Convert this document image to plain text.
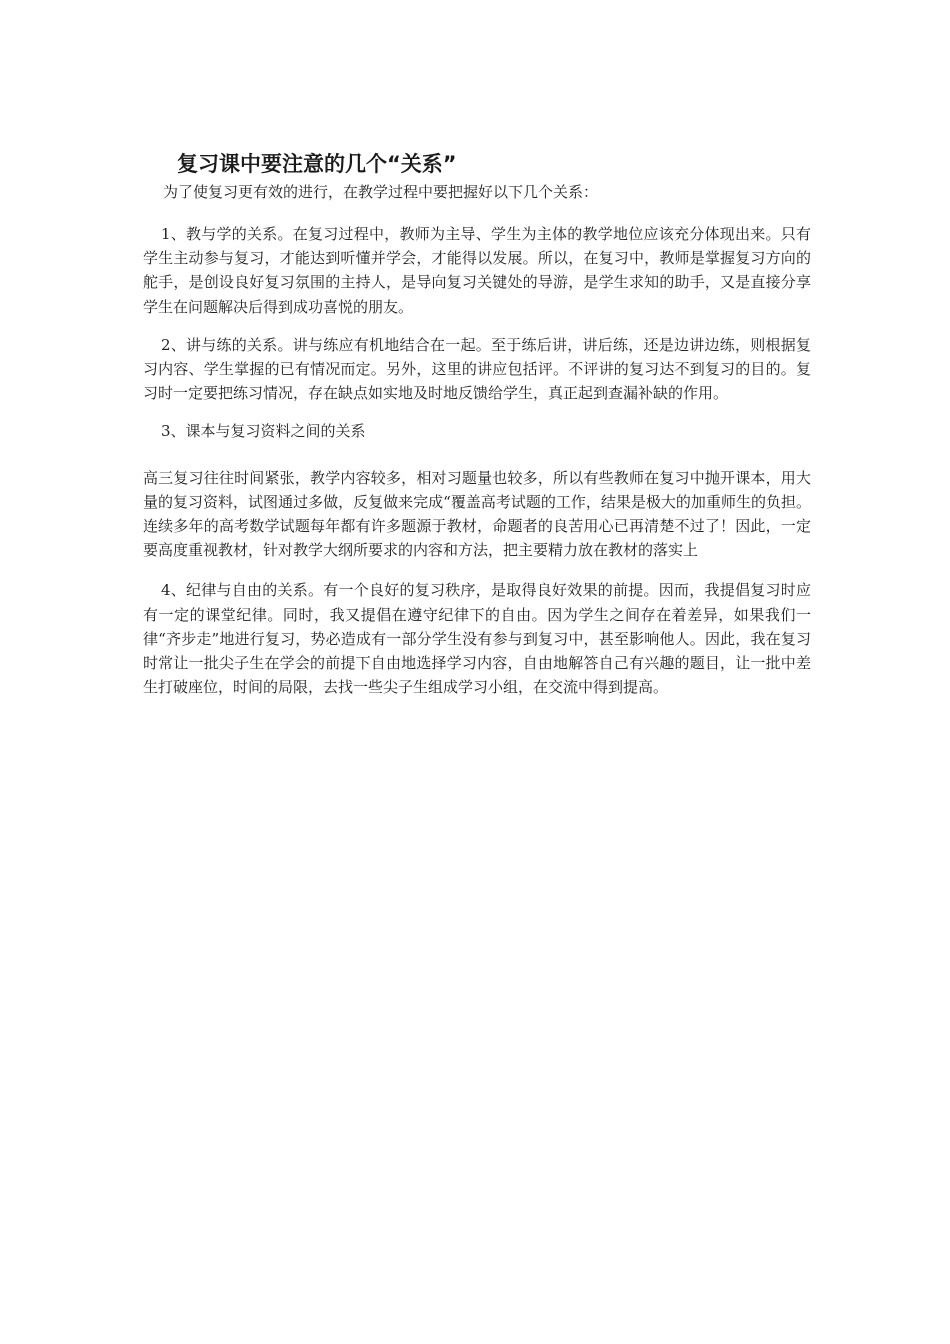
复习课中要注意的几个“关系”

为了使复习更有效的进行，在教学过程中要把握好以下几个关系：

1、教与学的关系。在复习过程中，教师为主导、学生为主体的教学地位应该充分体现出来。只有学生主动参与复习，才能达到听懂并学会，才能得以发展。所以，在复习中，教师是掌握复习方向的舵手，是创设良好复习氛围的主持人，是导向复习关键处的导游，是学生求知的助手，又是直接分享学生在问题解决后得到成功喜悦的朋友。

2、讲与练的关系。讲与练应有机地结合在一起。至于练后讲，讲后练，还是边讲边练，则根据复习内容、学生掌握的已有情况而定。另外，这里的讲应包括评。不评讲的复习达不到复习的目的。复习时一定要把练习情况，存在缺点如实地及时地反馈给学生，真正起到查漏补缺的作用。

3、课本与复习资料之间的关系

高三复习往往时间紧张，教学内容较多，相对习题量也较多，所以有些教师在复习中抛开课本，用大量的复习资料，试图通过多做，反复做来完成“覆盖高考试题的工作，结果是极大的加重师生的负担。连续多年的高考数学试题每年都有许多题源于教材，命题者的良苦用心已再清楚不过了！因此，一定要高度重视教材，针对教学大纲所要求的内容和方法，把主要精力放在教材的落实上

4、纪律与自由的关系。有一个良好的复习秩序，是取得良好效果的前提。因而，我提倡复习时应有一定的课堂纪律。同时，我又提倡在遵守纪律下的自由。因为学生之间存在着差异，如果我们一律“齐步走”地进行复习，势必造成有一部分学生没有参与到复习中，甚至影响他人。因此，我在复习时常让一批尖子生在学会的前提下自由地选择学习内容，自由地解答自己有兴趣的题目，让一批中差生打破座位，时间的局限，去找一些尖子生组成学习小组，在交流中得到提高。
